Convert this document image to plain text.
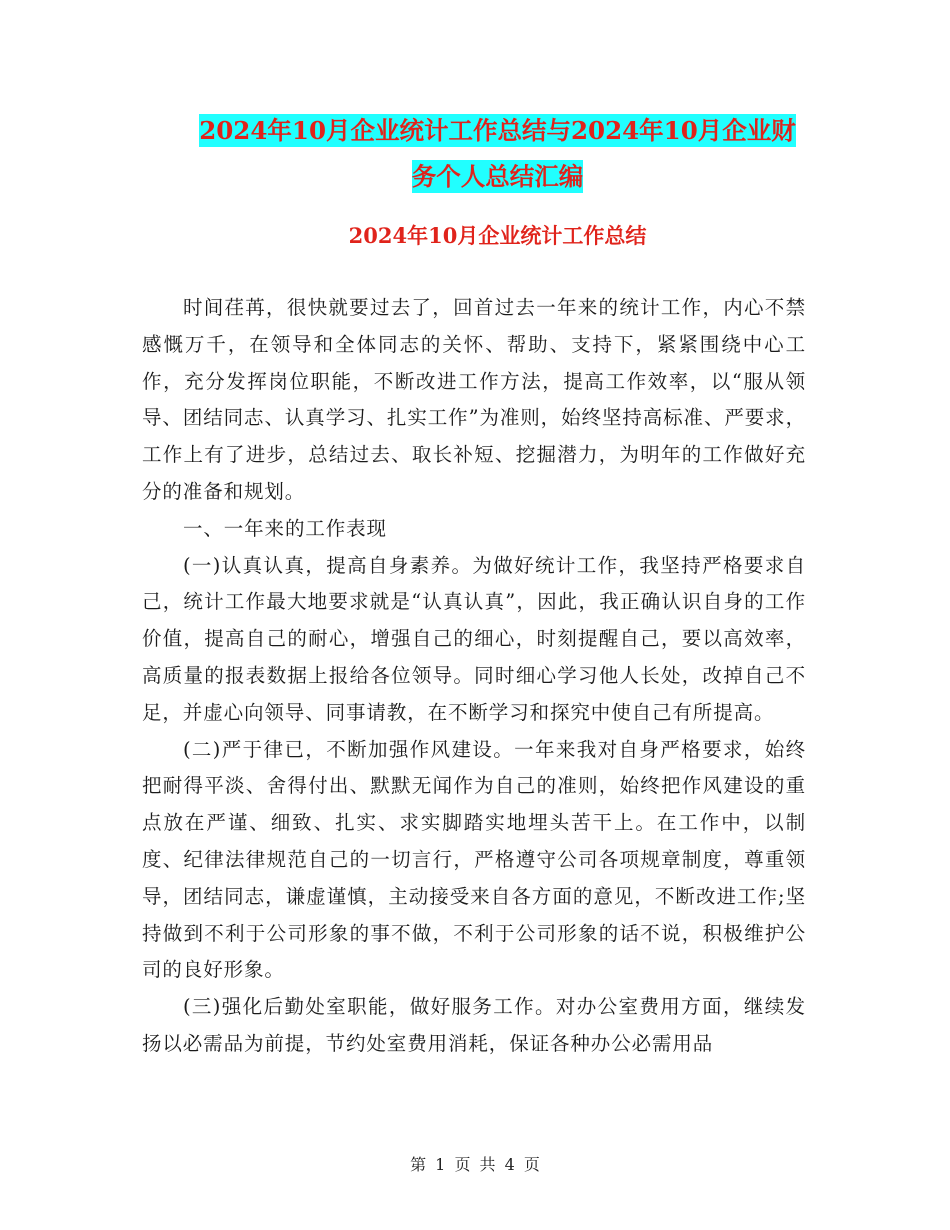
2024年10月企业统计工作总结与2024年10月企业财
务个人总结汇编
2024年10月企业统计工作总结

时间荏苒，很快就要过去了，回首过去一年来的统计工作，内心不禁感慨万千，在领导和全体同志的关怀、帮助、支持下，紧紧围绕中心工作，充分发挥岗位职能，不断改进工作方法，提高工作效率，以“服从领导、团结同志、认真学习、扎实工作”为准则，始终坚持高标准、严要求，工作上有了进步，总结过去、取长补短、挖掘潜力，为明年的工作做好充分的准备和规划。

一、一年来的工作表现

(一)认真认真，提高自身素养。为做好统计工作，我坚持严格要求自己，统计工作最大地要求就是“认真认真”，因此，我正确认识自身的工作价值，提高自己的耐心，增强自己的细心，时刻提醒自己，要以高效率，高质量的报表数据上报给各位领导。同时细心学习他人长处，改掉自己不足，并虚心向领导、同事请教，在不断学习和探究中使自己有所提高。

(二)严于律已，不断加强作风建设。一年来我对自身严格要求，始终把耐得平淡、舍得付出、默默无闻作为自己的准则，始终把作风建设的重点放在严谨、细致、扎实、求实脚踏实地埋头苦干上。在工作中，以制度、纪律法律规范自己的一切言行，严格遵守公司各项规章制度，尊重领导，团结同志，谦虚谨慎，主动接受来自各方面的意见，不断改进工作;坚持做到不利于公司形象的事不做，不利于公司形象的话不说，积极维护公司的良好形象。

(三)强化后勤处室职能，做好服务工作。对办公室费用方面，继续发扬以必需品为前提，节约处室费用消耗，保证各种办公必需用品

第 1 页 共 4 页
